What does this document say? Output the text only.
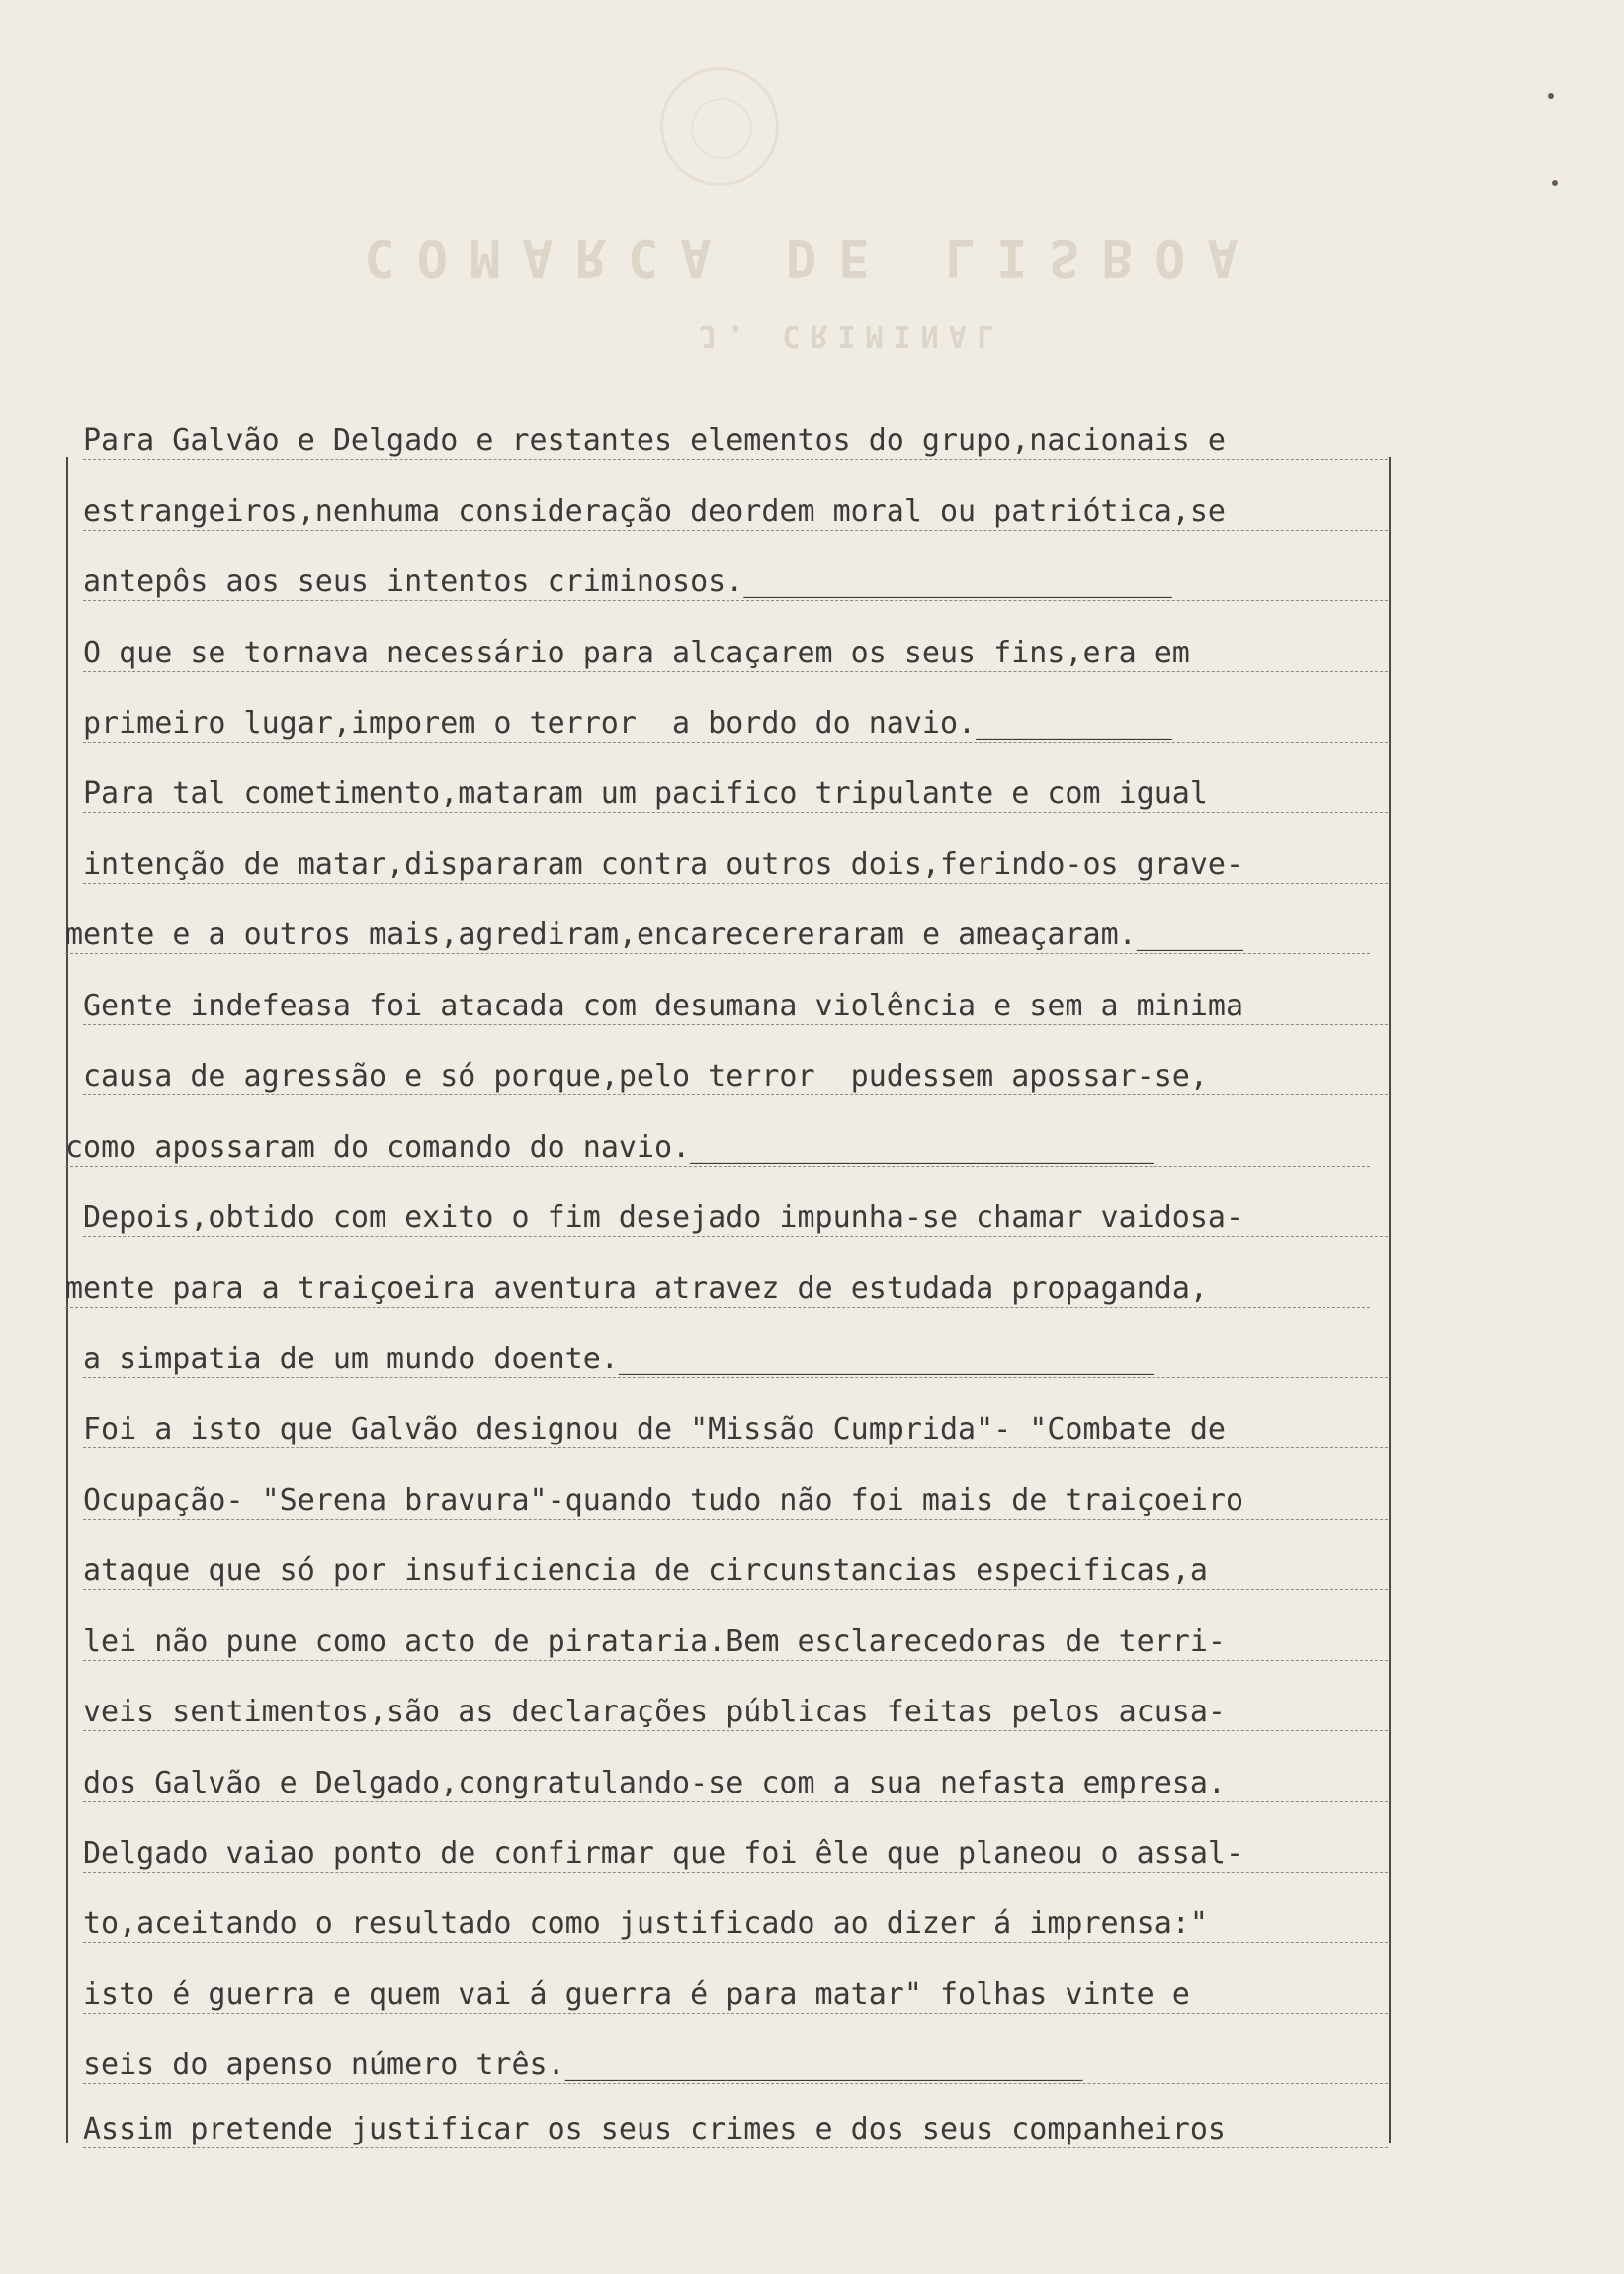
COMARCA DE LISBOA
J. CRIMINAL
Para Galvão e Delgado e restantes elementos do grupo,nacionais e
estrangeiros,nenhuma consideração deordem moral ou patriótica,se
antepôs aos seus intentos criminosos.________________________
O que se tornava necessário para alcaçarem os seus fins,era em
primeiro lugar,imporem o terror  a bordo do navio.___________
Para tal cometimento,mataram um pacifico tripulante e com igual
intenção de matar,dispararam contra outros dois,ferindo-os grave-
mente e a outros mais,agrediram,encarecereraram e ameaçaram.______
Gente indefeasa foi atacada com desumana violência e sem a minima
causa de agressão e só porque,pelo terror  pudessem apossar-se,
como apossaram do comando do navio.__________________________
Depois,obtido com exito o fim desejado impunha-se chamar vaidosa-
mente para a traiçoeira aventura atravez de estudada propaganda,
a simpatia de um mundo doente.______________________________
Foi a isto que Galvão designou de "Missão Cumprida"- "Combate de
Ocupação- "Serena bravura"-quando tudo não foi mais de traiçoeiro
ataque que só por insuficiencia de circunstancias especificas,a
lei não pune como acto de pirataria.Bem esclarecedoras de terri-
veis sentimentos,são as declarações públicas feitas pelos acusa-
dos Galvão e Delgado,congratulando-se com a sua nefasta empresa.
Delgado vaiao ponto de confirmar que foi êle que planeou o assal-
to,aceitando o resultado como justificado ao dizer á imprensa:"
isto é guerra e quem vai á guerra é para matar" folhas vinte e
seis do apenso número três._____________________________
Assim pretende justificar os seus crimes e dos seus companheiros
